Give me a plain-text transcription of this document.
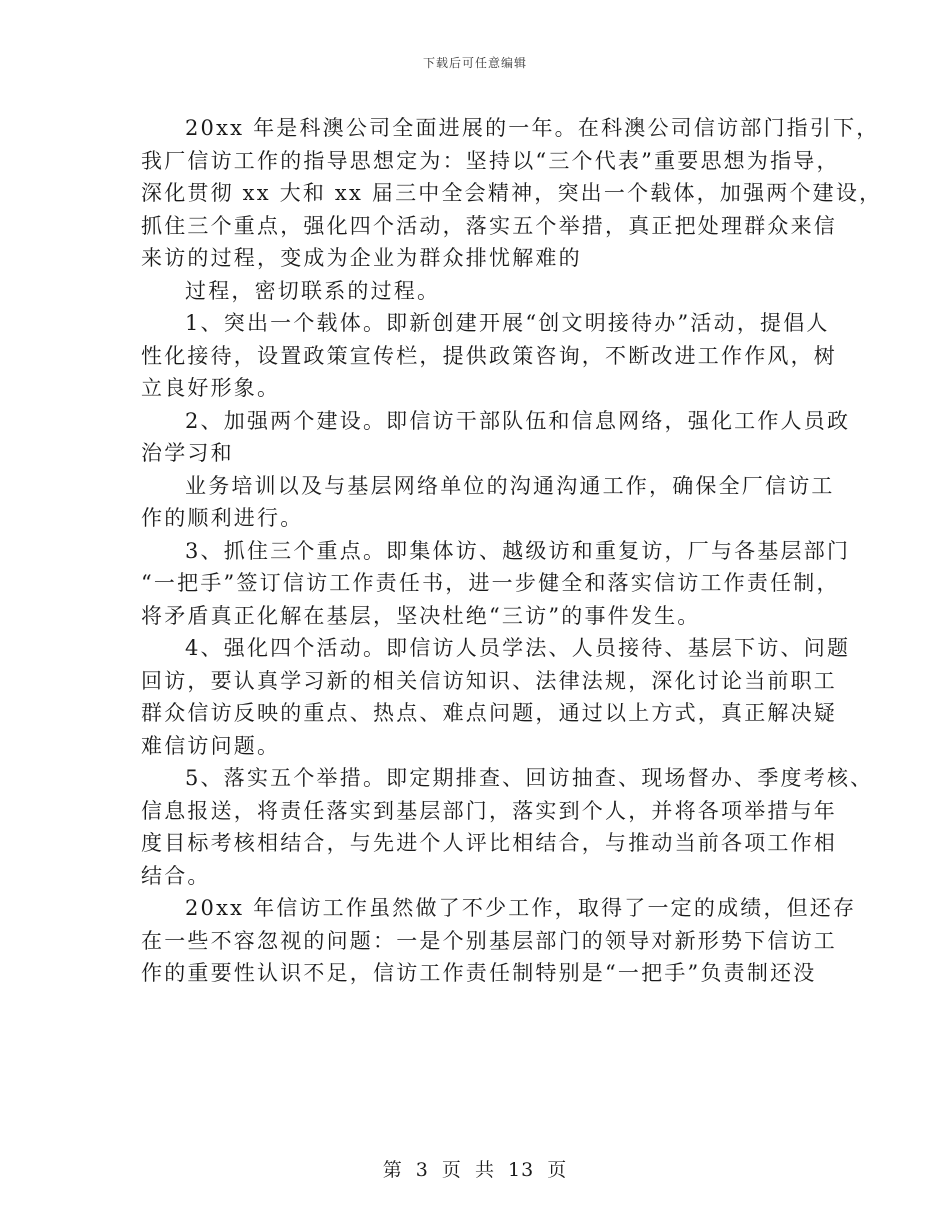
下载后可任意编辑
20xx 年是科澳公司全面进展的一年。在科澳公司信访部门指引下，
我厂信访工作的指导思想定为：坚持以“三个代表”重要思想为指导，
深化贯彻 xx 大和 xx 届三中全会精神，突出一个载体，加强两个建设，
抓住三个重点，强化四个活动，落实五个举措，真正把处理群众来信
来访的过程，变成为企业为群众排忧解难的
过程，密切联系的过程。
1、突出一个载体。即新创建开展“创文明接待办”活动，提倡人
性化接待，设置政策宣传栏，提供政策咨询，不断改进工作作风，树
立良好形象。
2、加强两个建设。即信访干部队伍和信息网络，强化工作人员政
治学习和
业务培训以及与基层网络单位的沟通沟通工作，确保全厂信访工
作的顺利进行。
3、抓住三个重点。即集体访、越级访和重复访，厂与各基层部门
“一把手”签订信访工作责任书，进一步健全和落实信访工作责任制，
将矛盾真正化解在基层，坚决杜绝“三访”的事件发生。
4、强化四个活动。即信访人员学法、人员接待、基层下访、问题
回访，要认真学习新的相关信访知识、法律法规，深化讨论当前职工
群众信访反映的重点、热点、难点问题，通过以上方式，真正解决疑
难信访问题。
5、落实五个举措。即定期排查、回访抽查、现场督办、季度考核、
信息报送，将责任落实到基层部门，落实到个人，并将各项举措与年
度目标考核相结合，与先进个人评比相结合，与推动当前各项工作相
结合。
20xx 年信访工作虽然做了不少工作，取得了一定的成绩，但还存
在一些不容忽视的问题：一是个别基层部门的领导对新形势下信访工
作的重要性认识不足，信访工作责任制特别是“一把手”负责制还没
第 3 页 共 13 页
